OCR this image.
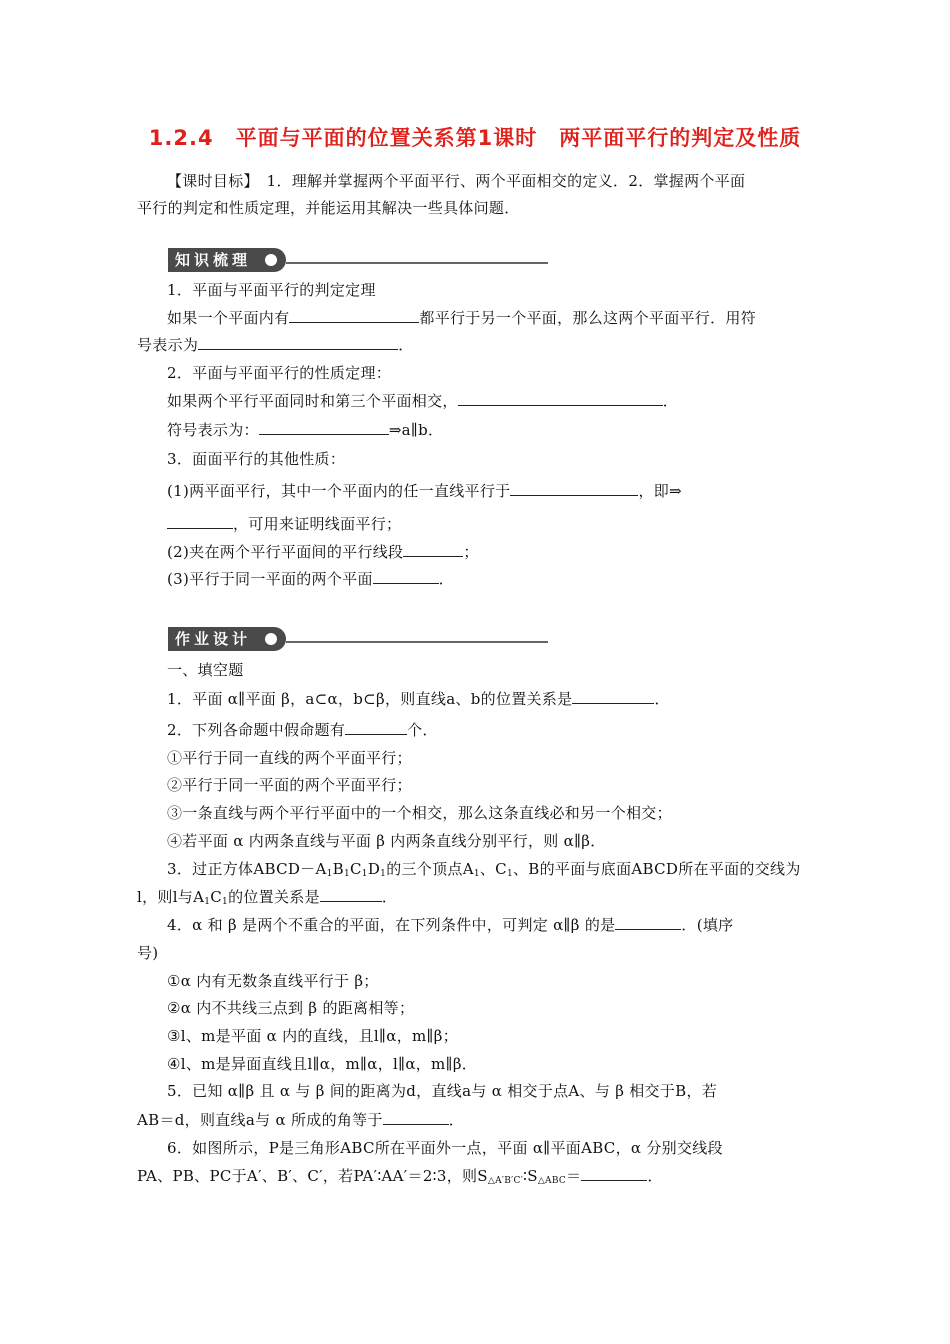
1.2.4　平面与平面的位置关系第1课时　两平面平行的判定及性质
【课时目标】　1．理解并掌握两个平面平行、两个平面相交的定义．2．掌握两个平面
平行的判定和性质定理，并能运用其解决一些具体问题．
知识梳理
1．平面与平面平行的判定定理
如果一个平面内有	都平行于另一个平面，那么这两个平面平行．用符
号表示为	．
2．平面与平面平行的性质定理：
如果两个平行平面同时和第三个平面相交，	．
符号表示为：	⇒a∥b．
3．面面平行的其他性质：
(1)两平面平行，其中一个平面内的任一直线平行于	，即⇒
，可用来证明线面平行；
(2)夹在两个平行平面间的平行线段	；
(3)平行于同一平面的两个平面	．
作业设计
一、填空题
1．平面 α∥平面 β，a⊂α，b⊂β，则直线a、b的位置关系是	．
2．下列各命题中假命题有	个．
①平行于同一直线的两个平面平行；
②平行于同一平面的两个平面平行；
③一条直线与两个平行平面中的一个相交，那么这条直线必和另一个相交；
④若平面 α 内两条直线与平面 β 内两条直线分别平行，则 α∥β．
3．过正方体$ABCD-A_1B_1C_1D_1$的三个顶点$A_1$、$C_1$、B的平面与底面ABCD所在平面的交线为
l，则l与$A_1C_1$的位置关系是	．
4．α 和 β 是两个不重合的平面，在下列条件中，可判定 α∥β 的是	．(填序
号)
①α 内有无数条直线平行于 β；
②α 内不共线三点到 β 的距离相等；
③l、m是平面 α 内的直线，且l∥α，m∥β；
④l、m是异面直线且l∥α，m∥α，l∥α，m∥β．
5．已知 α∥β 且 α 与 β 间的距离为d，直线a与 α 相交于点A、与 β 相交于B，若
AB＝d，则直线a与 α 所成的角等于	．
6．如图所示，P是三角形ABC所在平面外一点，平面 α∥平面ABC，α 分别交线段
PA、PB、PC于A′、B′、C′，若PA′∶AA′＝2∶3，则$S_{\triangle A'B'C'}∶S_{\triangle ABC}=$	．
